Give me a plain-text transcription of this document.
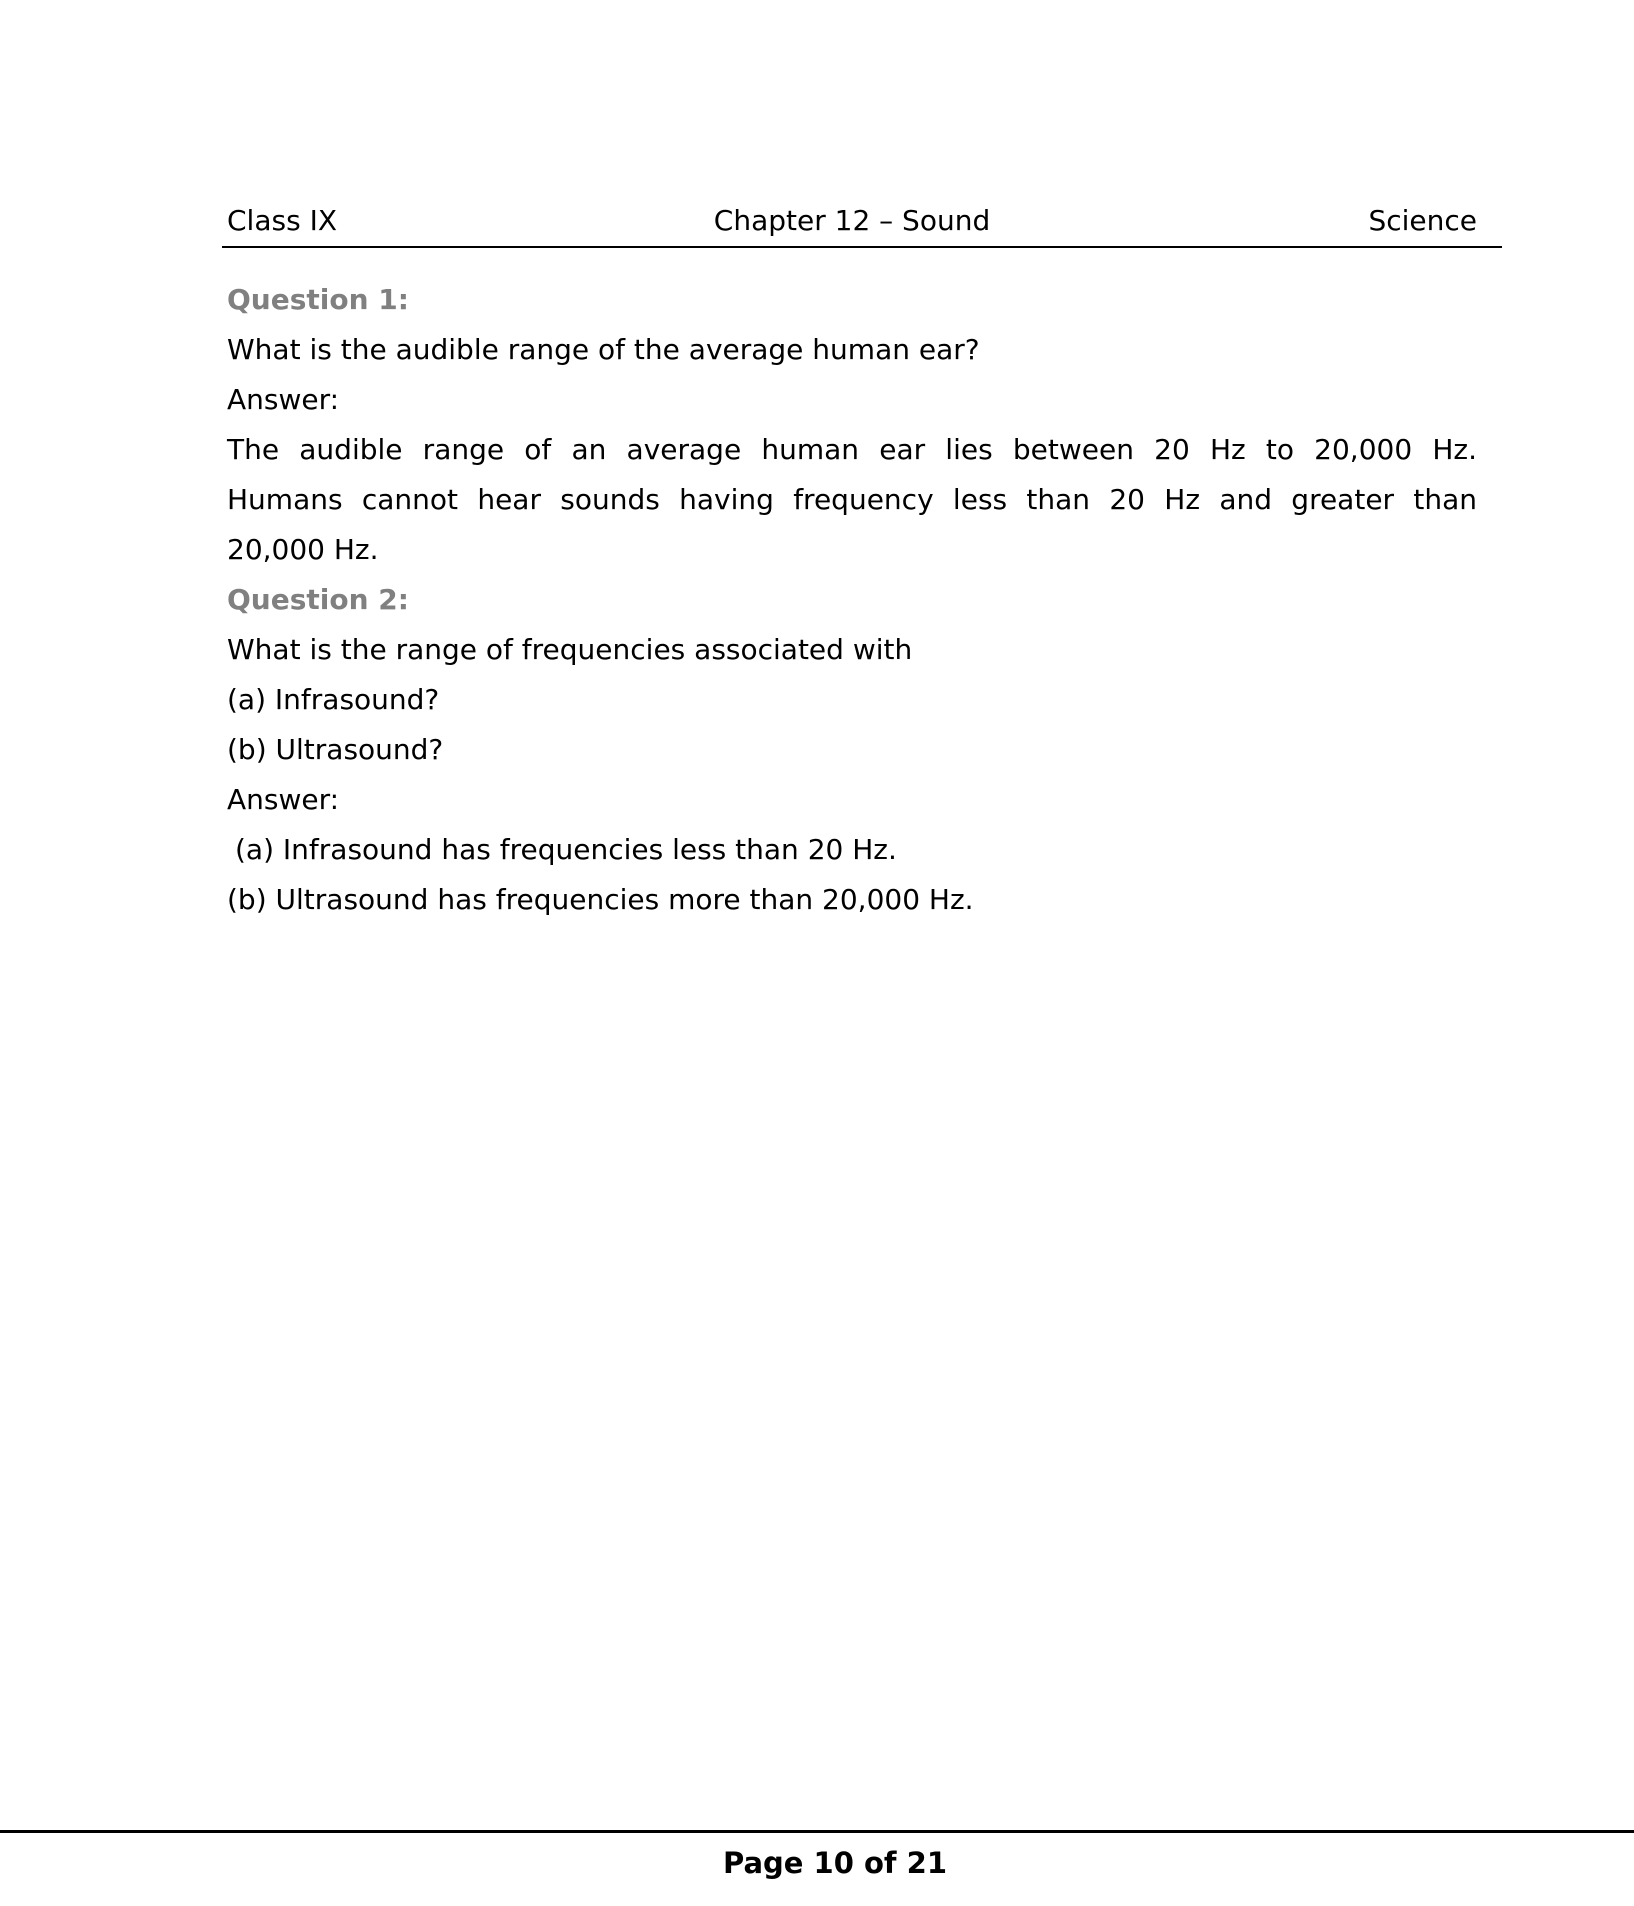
Class IX	Chapter 12 – Sound	Science
Question 1:
What is the audible range of the average human ear?
Answer:
The audible range of an average human ear lies between 20 Hz to 20,000 Hz.
Humans cannot hear sounds having frequency less than 20 Hz and greater than
20,000 Hz.
Question 2:
What is the range of frequencies associated with
(a) Infrasound?
(b) Ultrasound?
Answer:
(a) Infrasound has frequencies less than 20 Hz.
(b) Ultrasound has frequencies more than 20,000 Hz.
Page 10 of 21
